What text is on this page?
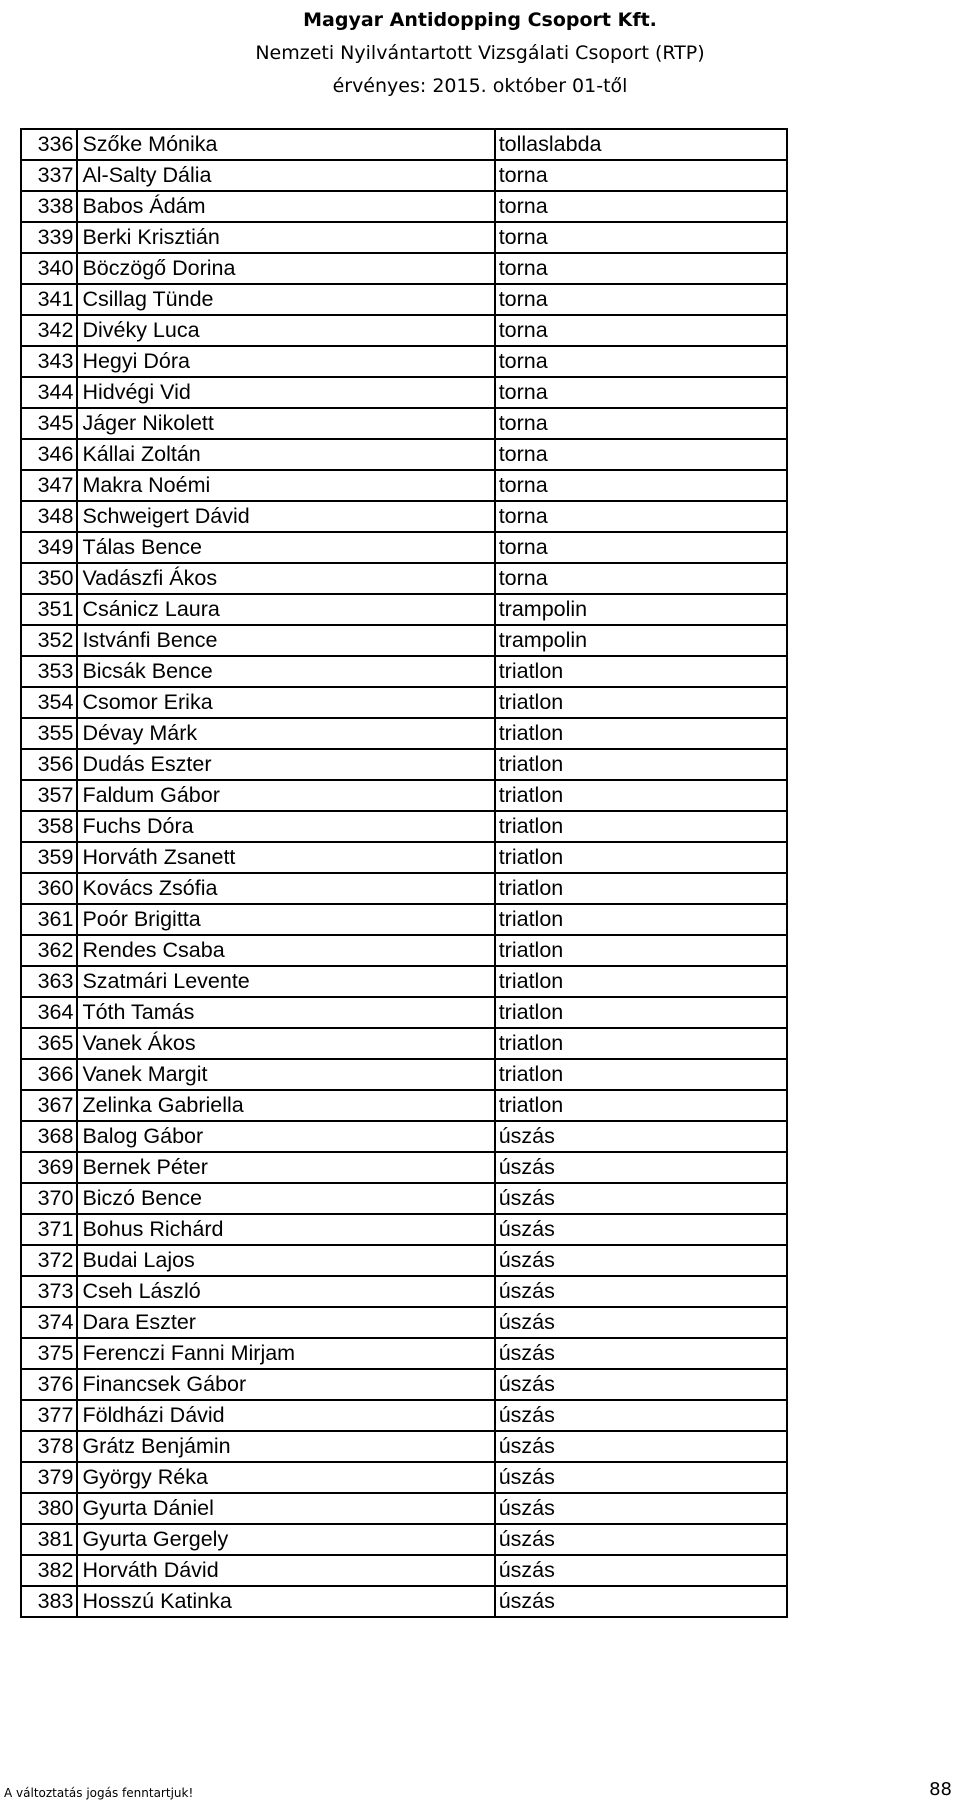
Magyar Antidopping Csoport Kft.
Nemzeti Nyilvántartott Vizsgálati Csoport (RTP)
érvényes: 2015. október 01-től
336	Szőke Mónika	tollaslabda
337	Al-Salty Dália	torna
338	Babos Ádám	torna
339	Berki Krisztián	torna
340	Böczögő Dorina	torna
341	Csillag Tünde	torna
342	Divéky Luca	torna
343	Hegyi Dóra	torna
344	Hidvégi Vid	torna
345	Jáger Nikolett	torna
346	Kállai Zoltán	torna
347	Makra Noémi	torna
348	Schweigert Dávid	torna
349	Tálas Bence	torna
350	Vadászfi Ákos	torna
351	Csánicz Laura	trampolin
352	Istvánfi Bence	trampolin
353	Bicsák Bence	triatlon
354	Csomor Erika	triatlon
355	Dévay Márk	triatlon
356	Dudás Eszter	triatlon
357	Faldum Gábor	triatlon
358	Fuchs Dóra	triatlon
359	Horváth Zsanett	triatlon
360	Kovács Zsófia	triatlon
361	Poór Brigitta	triatlon
362	Rendes Csaba	triatlon
363	Szatmári Levente	triatlon
364	Tóth Tamás	triatlon
365	Vanek Ákos	triatlon
366	Vanek Margit	triatlon
367	Zelinka Gabriella	triatlon
368	Balog Gábor	úszás
369	Bernek Péter	úszás
370	Biczó Bence	úszás
371	Bohus Richárd	úszás
372	Budai Lajos	úszás
373	Cseh László	úszás
374	Dara Eszter	úszás
375	Ferenczi Fanni Mirjam	úszás
376	Financsek Gábor	úszás
377	Földházi Dávid	úszás
378	Grátz Benjámin	úszás
379	György Réka	úszás
380	Gyurta Dániel	úszás
381	Gyurta Gergely	úszás
382	Horváth Dávid	úszás
383	Hosszú Katinka	úszás
A változtatás jogás fenntartjuk!	88
